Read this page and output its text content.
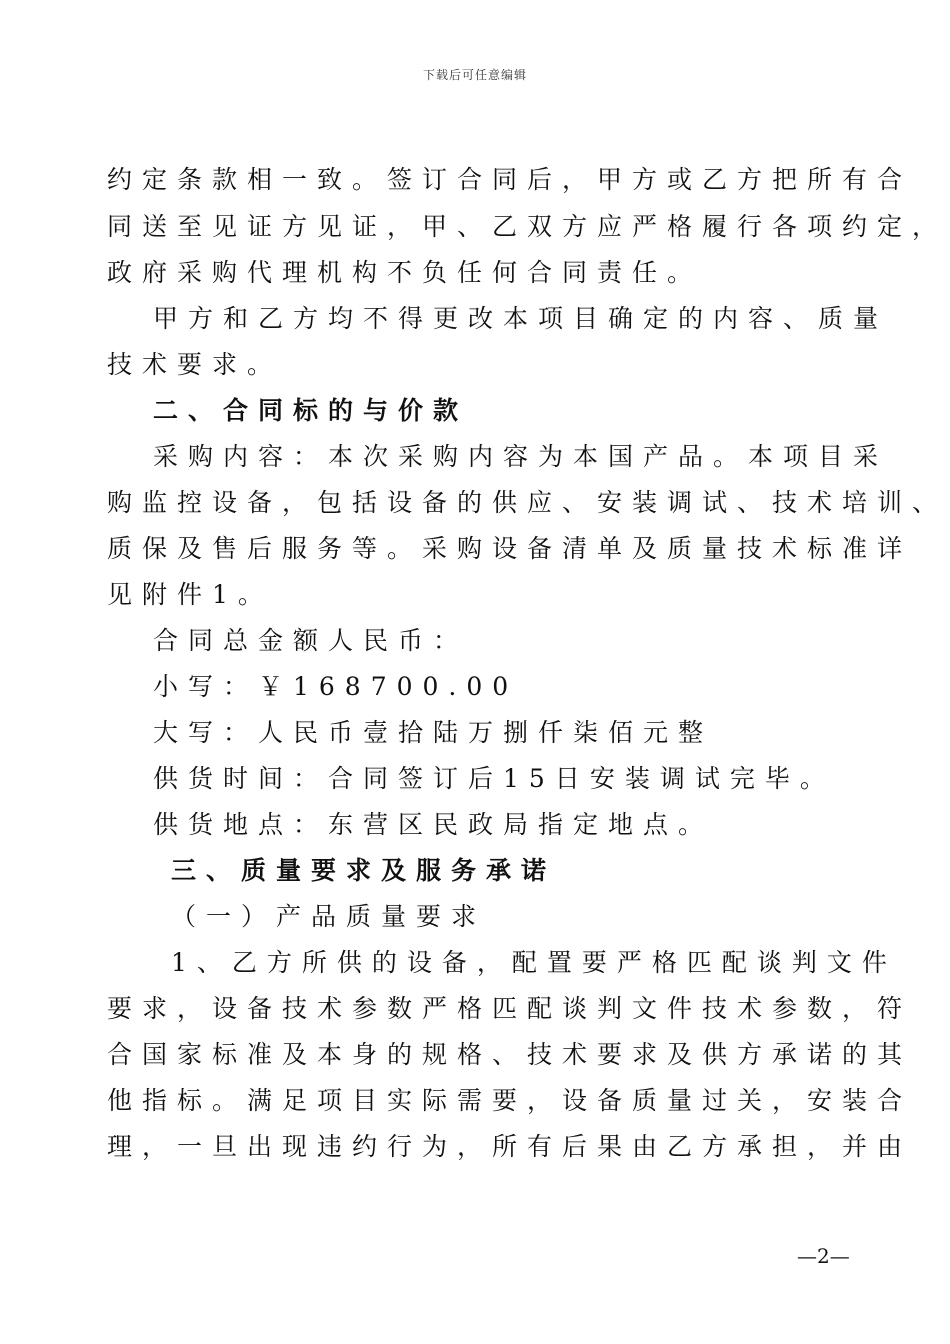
下载后可任意编辑
约定条款相一致。签订合同后，甲方或乙方把所有合
同送至见证方见证，甲、乙双方应严格履行各项约定，
政府采购代理机构不负任何合同责任。
甲方和乙方均不得更改本项目确定的内容、质量
技术要求。
二、合同标的与价款
采购内容：本次采购内容为本国产品。本项目采
购监控设备，包括设备的供应、安装调试、技术培训、
质保及售后服务等。采购设备清单及质量技术标准详
见附件1。
合同总金额人民币：
小写：￥168700.00
大写：人民币壹拾陆万捌仟柒佰元整
供货时间：合同签订后15日安装调试完毕。
供货地点：东营区民政局指定地点。
三、质量要求及服务承诺
（一）产品质量要求
1、乙方所供的设备，配置要严格匹配谈判文件
要求，设备技术参数严格匹配谈判文件技术参数，符
合国家标准及本身的规格、技术要求及供方承诺的其
他指标。满足项目实际需要，设备质量过关，安装合
理，一旦出现违约行为，所有后果由乙方承担，并由
—2—
